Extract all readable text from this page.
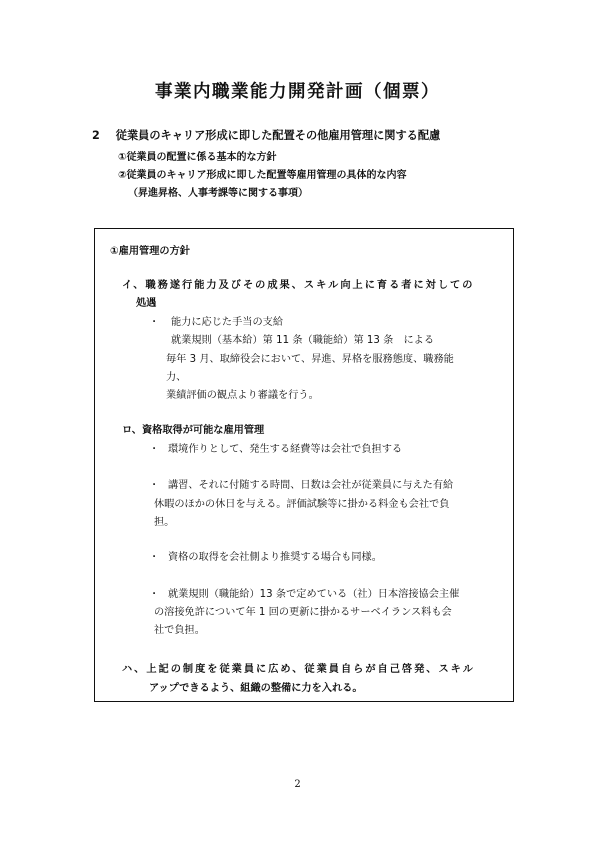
事業内職業能力開発計画（個票）
2 従業員のキャリア形成に即した配置その他雇用管理に関する配慮
①従業員の配置に係る基本的な方針
②従業員のキャリア形成に即した配置等雇用管理の具体的な内容
（昇進昇格、人事考課等に関する事項）
①雇用管理の方針
イ、職務遂行能力及びその成果、スキル向上に育る者に対しての
処遇
・ 能力に応じた手当の支給
就業規則（基本給）第 11 条（職能給）第 13 条　による
毎年 3 月、取締役会において、昇進、昇格を服務態度、職務能
力、
業績評価の観点より審議を行う。
ロ、資格取得が可能な雇用管理
・ 環境作りとして、発生する経費等は会社で負担する
・ 講習、それに付随する時間、日数は会社が従業員に与えた有給
休暇のほかの休日を与える。評価試験等に掛かる料金も会社で負
担。
・ 資格の取得を会社側より推奨する場合も同様。
・ 就業規則（職能給）13 条で定めている（社）日本溶接協会主催
の溶接免許について年 1 回の更新に掛かるサーベイランス料も会
社で負担。
ハ、上記の制度を従業員に広め、従業員自らが自己啓発、スキル
アップできるよう、組織の整備に力を入れる。
2
